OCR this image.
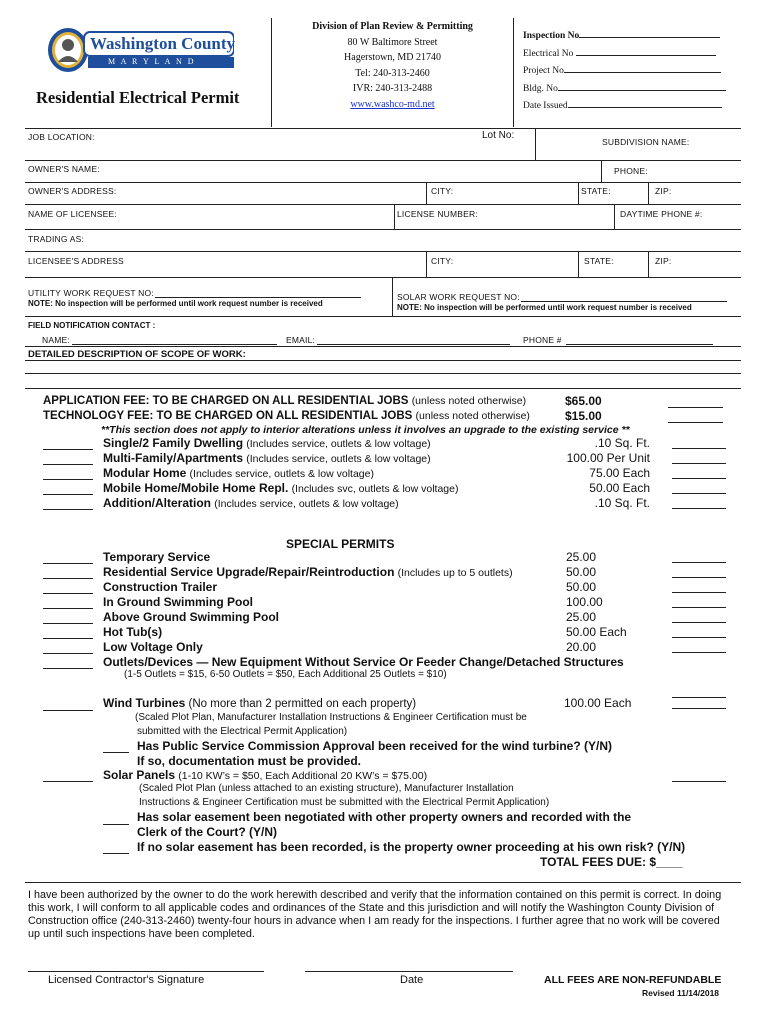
Washington County
M A R Y L A N D
Residential Electrical Permit
Division of Plan Review & Permitting
80 W Baltimore Street
Hagerstown, MD 21740
Tel: 240-313-2460
IVR: 240-313-2488
www.washco-md.net
Inspection No
Electrical No
Project No
Bldg. No
Date Issued
JOB LOCATION:	Lot No:
SUBDIVISION NAME:
OWNER'S NAME:	PHONE:
OWNER'S ADDRESS:	CITY:	STATE:	ZIP:
NAME OF LICENSEE:	LICENSE NUMBER:	DAYTIME PHONE #:
TRADING AS:
LICENSEE'S ADDRESS	CITY:	STATE:	ZIP:
UTILITY WORK REQUEST NO:
NOTE: No inspection will be performed until work request number is received
SOLAR WORK REQUEST NO:
NOTE: No inspection will be performed until work request number is received
FIELD NOTIFICATION CONTACT :
NAME:	EMAIL:	PHONE #
DETAILED DESCRIPTION OF SCOPE OF WORK:
APPLICATION FEE: TO BE CHARGED ON ALL RESIDENTIAL JOBS (unless noted otherwise)	$65.00
TECHNOLOGY FEE: TO BE CHARGED ON ALL RESIDENTIAL JOBS (unless noted otherwise)	$15.00
**This section does not apply to interior alterations unless it involves an upgrade to the existing service **
Single/2 Family Dwelling (Includes service, outlets & low voltage)	.10 Sq. Ft.
Multi-Family/Apartments (Includes service, outlets & low voltage)	100.00 Per Unit
Modular Home (Includes service, outlets & low voltage)	75.00 Each
Mobile Home/Mobile Home Repl. (Includes svc, outlets & low voltage)	50.00 Each
Addition/Alteration (Includes service, outlets & low voltage)	.10 Sq. Ft.
SPECIAL PERMITS
Temporary Service	25.00
Residential Service Upgrade/Repair/Reintroduction (Includes up to 5 outlets)	50.00
Construction Trailer	50.00
In Ground Swimming Pool	100.00
Above Ground Swimming Pool	25.00
Hot Tub(s)	50.00 Each
Low Voltage Only	20.00
Outlets/Devices — New Equipment Without Service Or Feeder Change/Detached Structures
(1-5 Outlets = $15, 6-50 Outlets = $50, Each Additional 25 Outlets = $10)
Wind Turbines (No more than 2 permitted on each property)	100.00 Each
(Scaled Plot Plan, Manufacturer Installation Instructions & Engineer Certification must be
submitted with the Electrical Permit Application)
Has Public Service Commission Approval been received for the wind turbine? (Y/N)
If so, documentation must be provided.
Solar Panels (1-10 KW’s = $50, Each Additional 20 KW’s = $75.00)
(Scaled Plot Plan (unless attached to an existing structure), Manufacturer Installation
Instructions & Engineer Certification must be submitted with the Electrical Permit Application)
Has solar easement been negotiated with other property owners and recorded with the
Clerk of the Court? (Y/N)
If no solar easement has been recorded, is the property owner proceeding at his own risk? (Y/N)
TOTAL FEES DUE: $____
I have been authorized by the owner to do the work herewith described and verify that the information contained on this permit is correct. In doing this work, I will conform to all applicable codes and ordinances of the State and this jurisdiction and will notify the Washington County Division of Construction office (240-313-2460) twenty-four hours in advance when I am ready for the inspections. I further agree that no work will be covered up until such inspections have been completed.
Licensed Contractor's Signature	Date	ALL FEES ARE NON-REFUNDABLE
Revised 11/14/2018
